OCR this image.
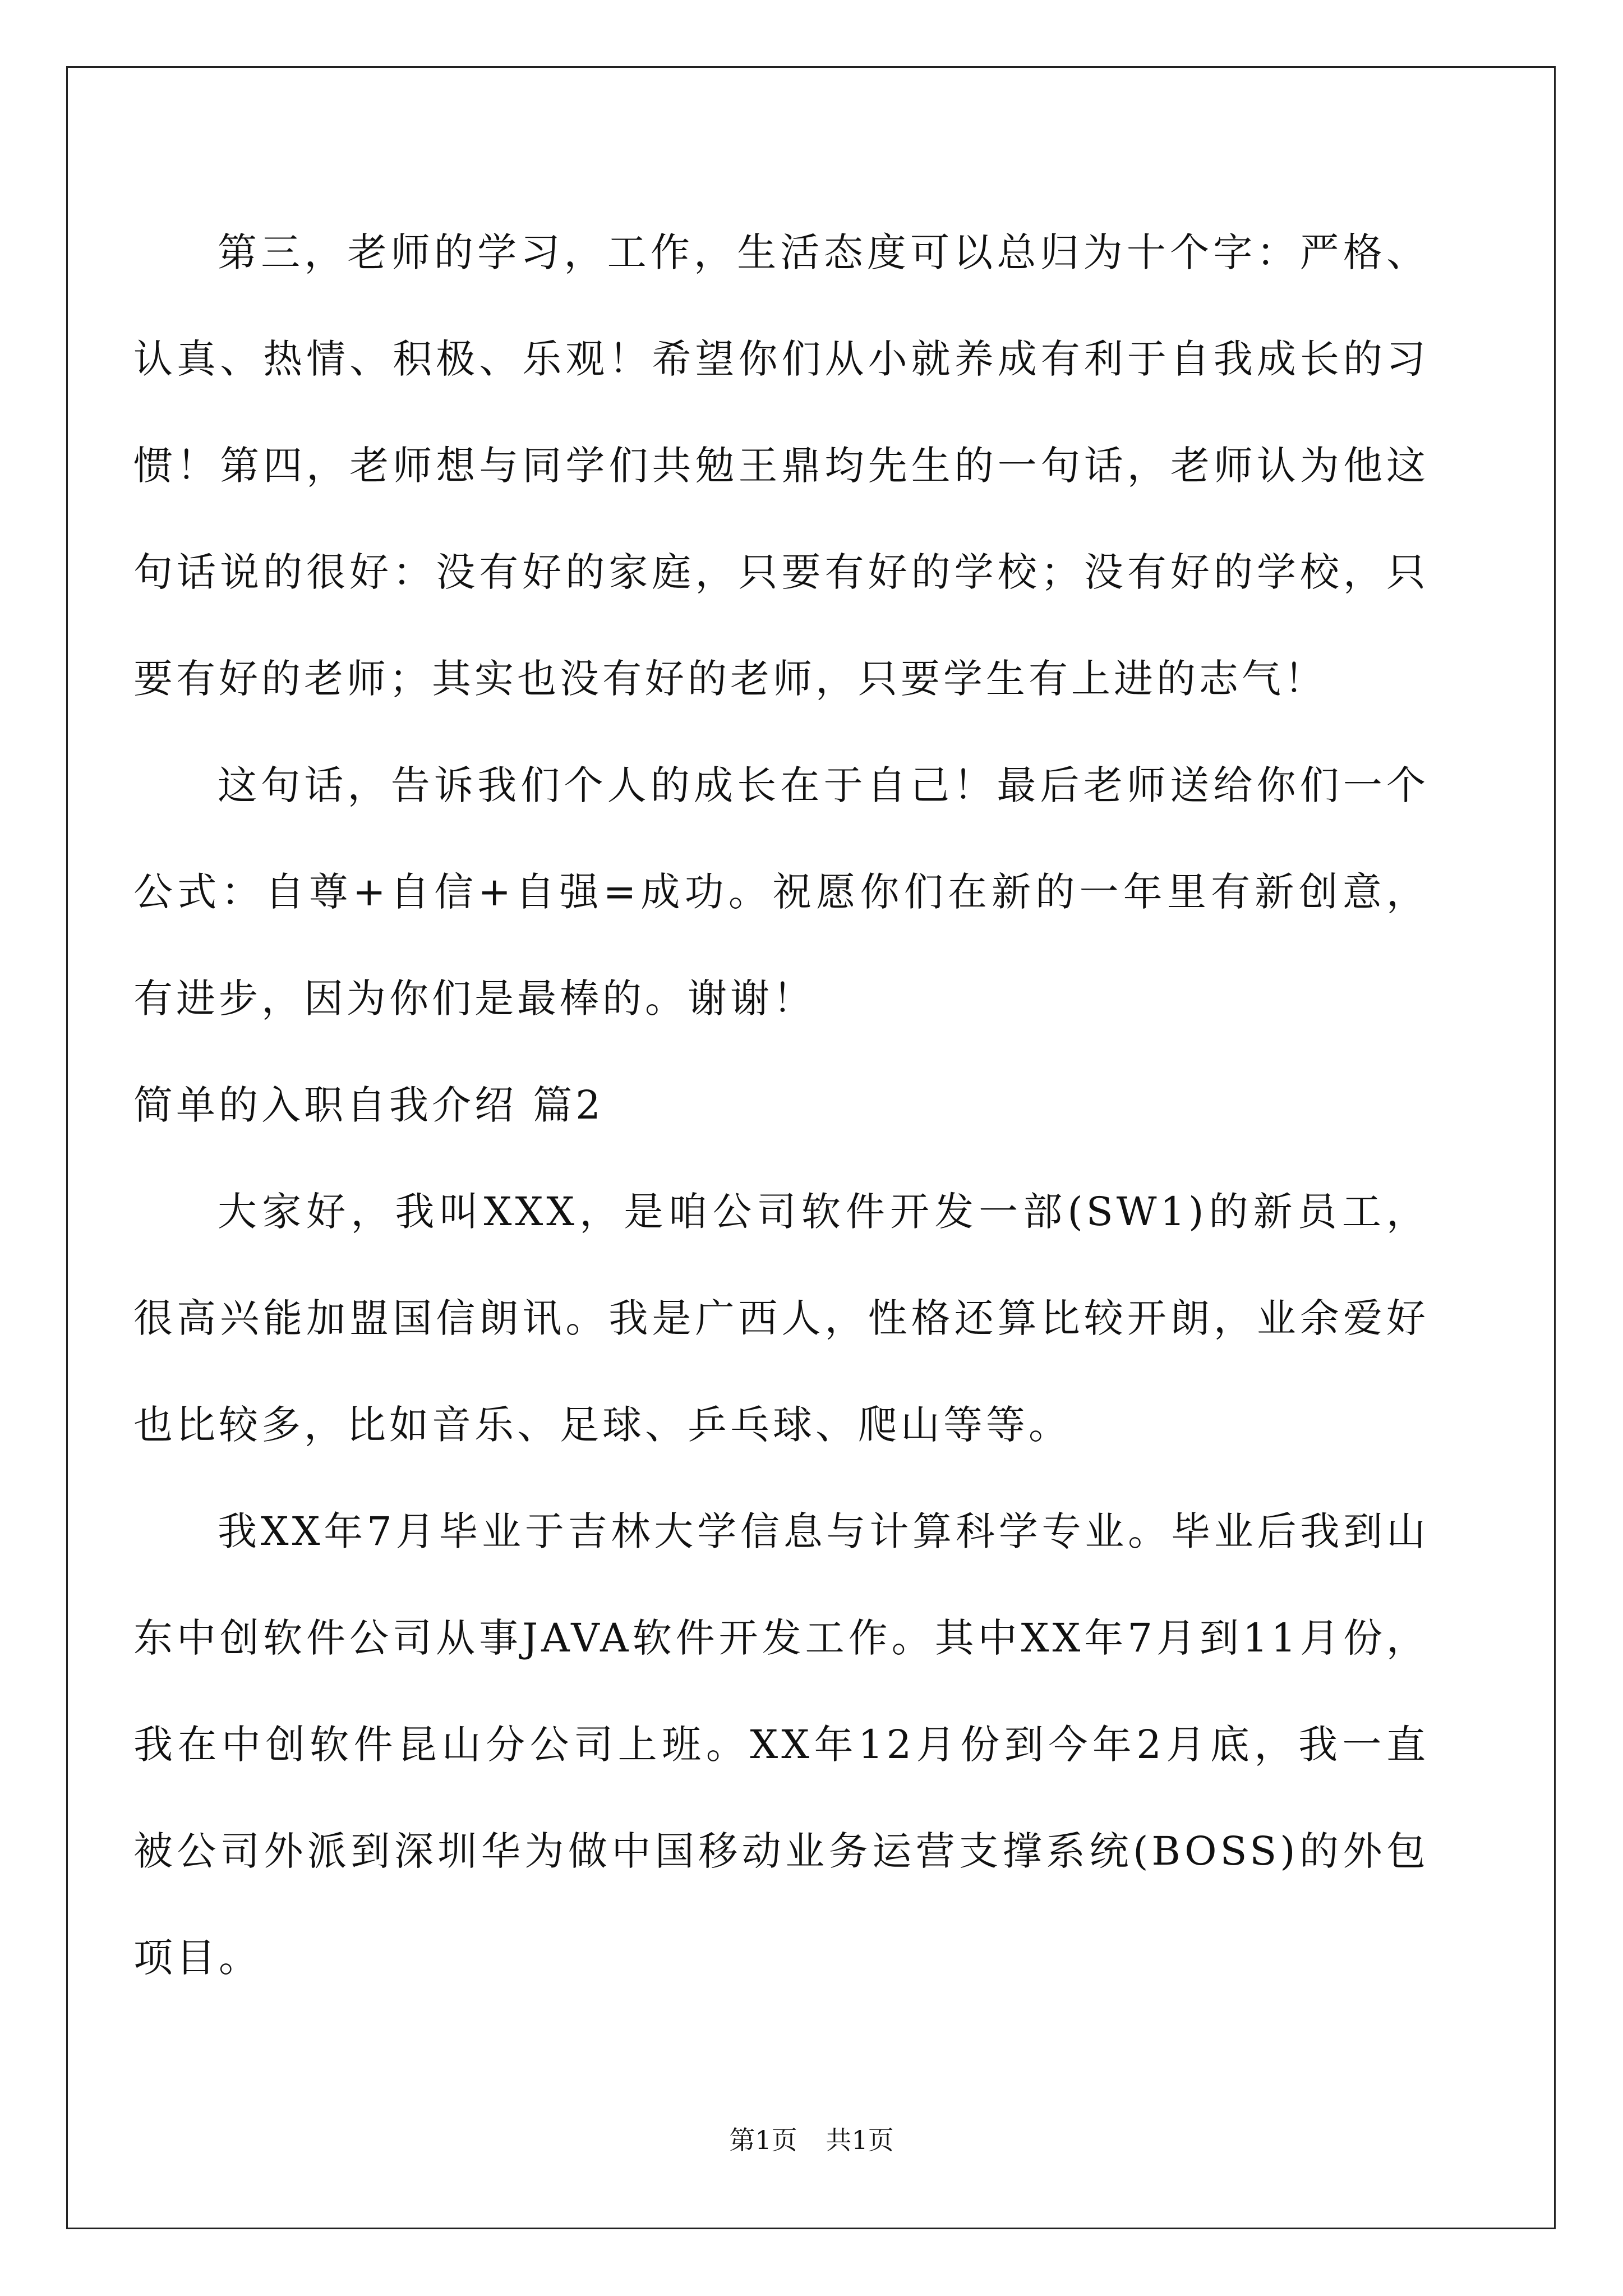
第三，老师的学习，工作，生活态度可以总归为十个字：严格、认真、热情、积极、乐观！希望你们从小就养成有利于自我成长的习惯！第四，老师想与同学们共勉王鼎均先生的一句话，老师认为他这句话说的很好：没有好的家庭，只要有好的学校；没有好的学校，只要有好的老师；其实也没有好的老师，只要学生有上进的志气！

这句话，告诉我们个人的成长在于自己！最后老师送给你们一个公式：自尊+自信+自强=成功。祝愿你们在新的一年里有新创意，有进步，因为你们是最棒的。谢谢！

简单的入职自我介绍 篇2

大家好，我叫XXX，是咱公司软件开发一部(SW1)的新员工，很高兴能加盟国信朗讯。我是广西人，性格还算比较开朗，业余爱好也比较多，比如音乐、足球、乒乓球、爬山等等。

我XX年7月毕业于吉林大学信息与计算科学专业。毕业后我到山东中创软件公司从事JAVA软件开发工作。其中XX年7月到11月份，我在中创软件昆山分公司上班。XX年12月份到今年2月底，我一直被公司外派到深圳华为做中国移动业务运营支撑系统(BOSS)的外包项目。

第1页 共1页
